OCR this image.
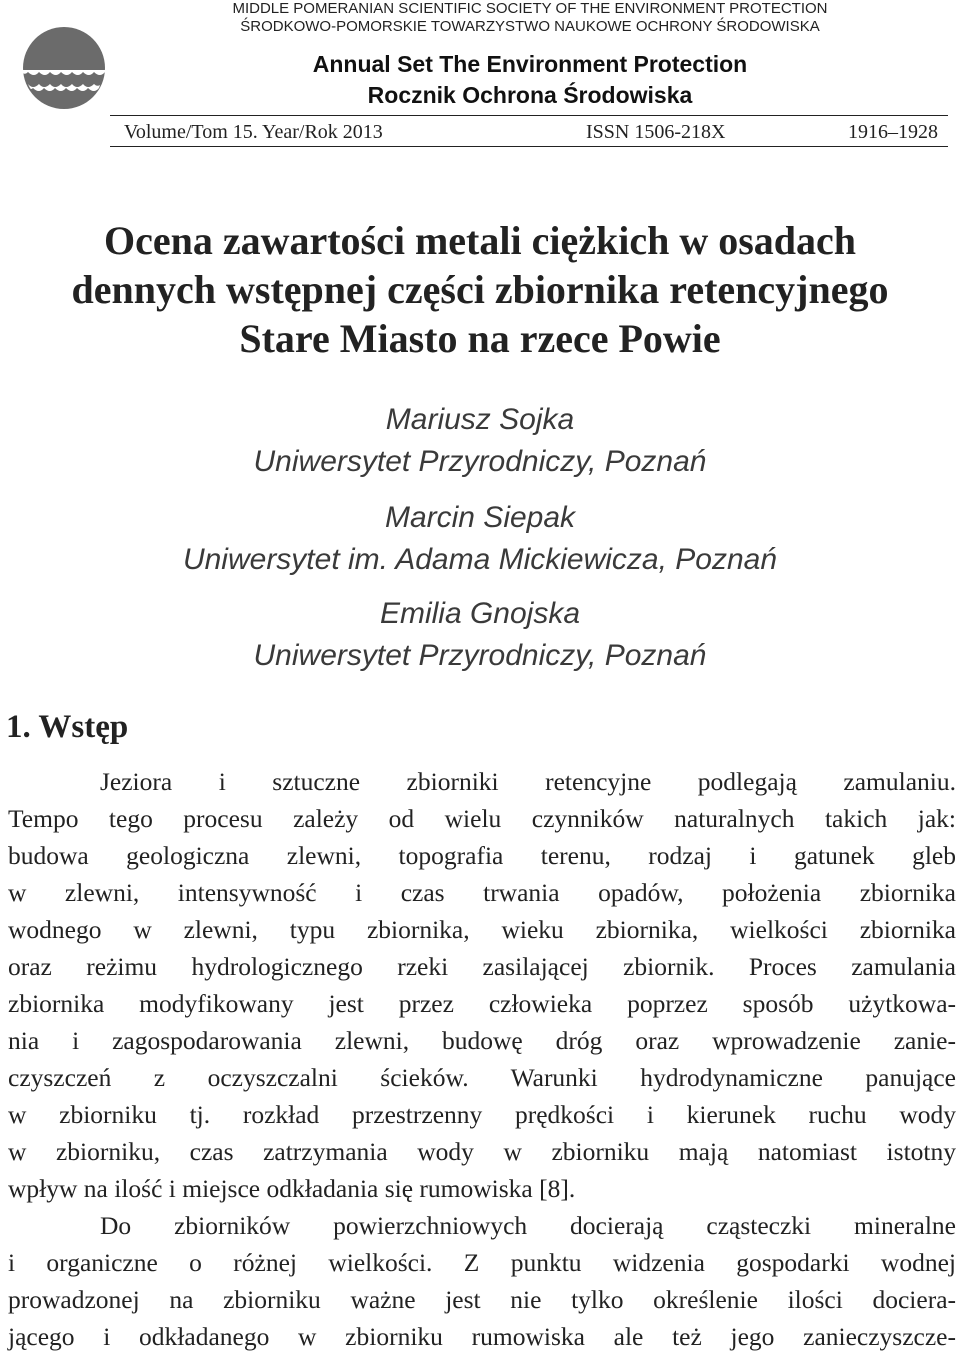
MIDDLE POMERANIAN SCIENTIFIC SOCIETY OF THE ENVIRONMENT PROTECTION
ŚRODKOWO-POMORSKIE TOWARZYSTWO NAUKOWE OCHRONY ŚRODOWISKA
Annual Set The Environment Protection
Rocznik Ochrona Środowiska
Volume/Tom 15. Year/Rok 2013	ISSN 1506-218X	1916–1928
Ocena zawartości metali ciężkich w osadach
dennych wstępnej części zbiornika retencyjnego
Stare Miasto na rzece Powie
Mariusz Sojka
Uniwersytet Przyrodniczy, Poznań
Marcin Siepak
Uniwersytet im. Adama Mickiewicza, Poznań
Emilia Gnojska
Uniwersytet Przyrodniczy, Poznań
1. Wstęp
Jeziora i sztuczne zbiorniki retencyjne podlegają zamulaniu.
Tempo tego procesu zależy od wielu czynników naturalnych takich jak:
budowa geologiczna zlewni, topografia terenu, rodzaj i gatunek gleb
w zlewni, intensywność i czas trwania opadów, położenia zbiornika
wodnego w zlewni, typu zbiornika, wieku zbiornika, wielkości zbiornika
oraz reżimu hydrologicznego rzeki zasilającej zbiornik. Proces zamulania
zbiornika modyfikowany jest przez człowieka poprzez sposób użytkowa-
nia i zagospodarowania zlewni, budowę dróg oraz wprowadzenie zanie-
czyszczeń z oczyszczalni ścieków. Warunki hydrodynamiczne panujące
w zbiorniku tj. rozkład przestrzenny prędkości i kierunek ruchu wody
w zbiorniku, czas zatrzymania wody w zbiorniku mają natomiast istotny
wpływ na ilość i miejsce odkładania się rumowiska [8].
Do zbiorników powierzchniowych docierają cząsteczki mineralne
i organiczne o różnej wielkości. Z punktu widzenia gospodarki wodnej
prowadzonej na zbiorniku ważne jest nie tylko określenie ilości dociera-
jącego i odkładanego w zbiorniku rumowiska ale też jego zanieczyszcze-
